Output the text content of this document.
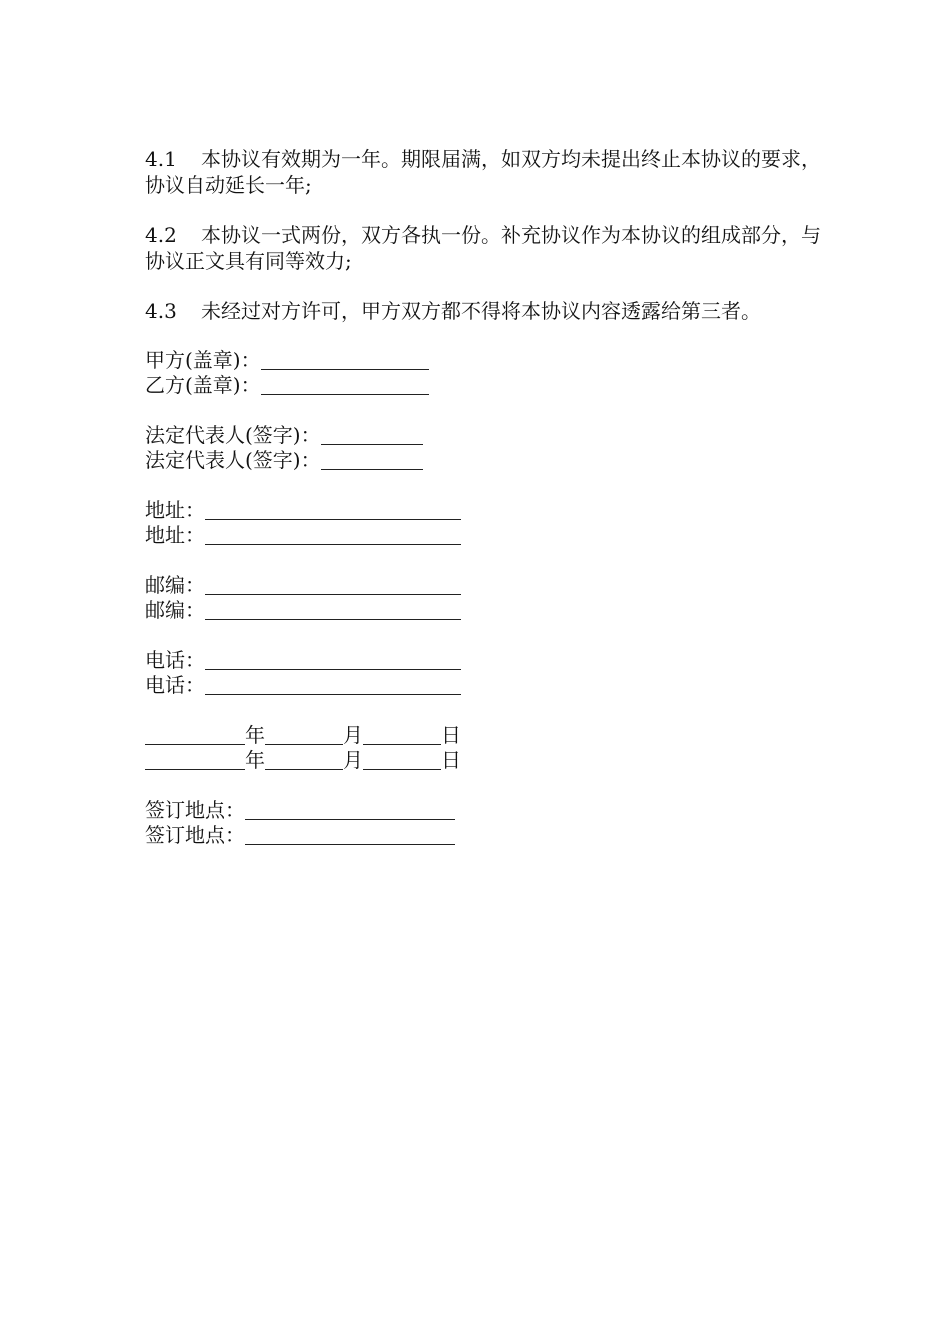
4.1 本协议有效期为一年。期限届满，如双方均未提出终止本协议的要求，协议自动延长一年;

4.2 本协议一式两份，双方各执一份。补充协议作为本协议的组成部分，与协议正文具有同等效力;

4.3 未经过对方许可，甲方双方都不得将本协议内容透露给第三者。

甲方(盖章)：
乙方(盖章)：
法定代表人(签字)：
法定代表人(签字)：
地址：
地址：
邮编：
邮编：
电话：
电话：
年	月	日
年	月	日
签订地点：
签订地点：
